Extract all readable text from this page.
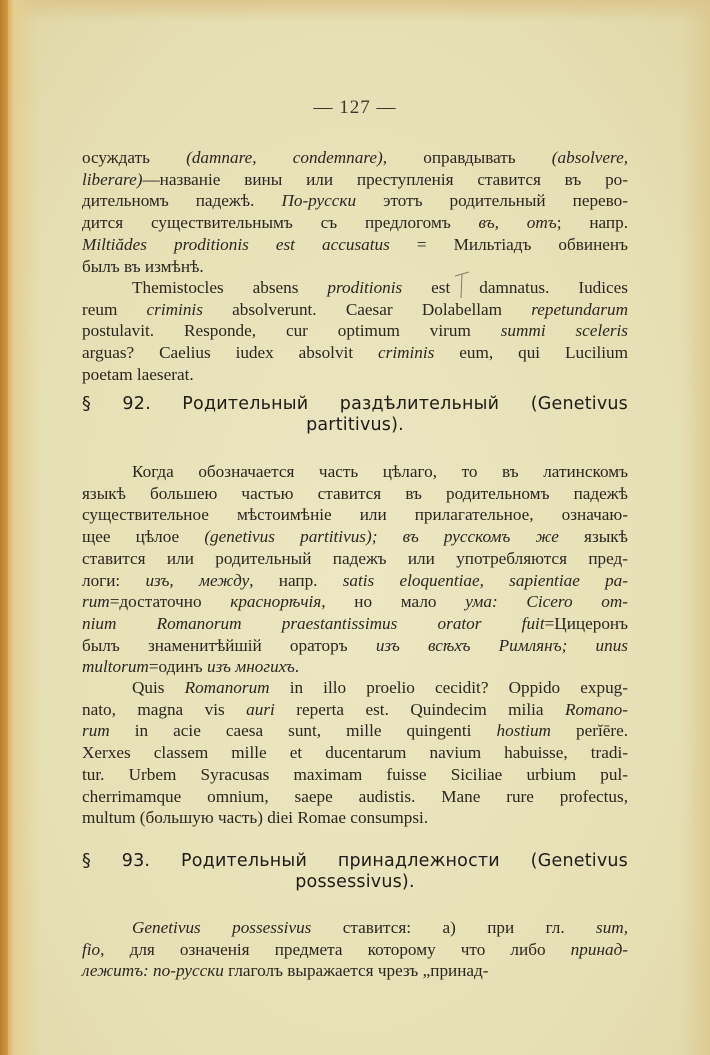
— 127 —
осуждать (damnare, condemnare), оправдывать (absolvere,
liberare)—названіе вины или преступленія ставится въ ро-
дительномъ падежѣ. По-русски этотъ родительный перево-
дится существительнымъ съ предлогомъ въ, отъ; напр.
Miltiădes proditionis est accusatus = Мильтіадъ обвиненъ
былъ въ измѣнѣ.
Themistocles absens proditionis est damnatus. Iudices
reum criminis absolverunt. Caesar Dolabellam repetundarum
postulavit. Responde, cur optimum virum summi sceleris
arguas? Caelius iudex absolvit criminis eum, qui Lucilium
poetam laeserat.
§ 92. Родительный раздѣлительный (Genetivus
partitivus).
Когда обозначается часть цѣлаго, то въ латинскомъ
языкѣ большею частью ставится въ родительномъ падежѣ
существительное мѣстоимѣніе или прилагательное, означаю-
щее цѣлое (genetivus partitivus); въ русскомъ же языкѣ
ставится или родительный падежъ или употребляются пред-
логи: изъ, между, напр. satis eloquentiae, sapientiae pa-
rum=достаточно краснорѣчія, но мало ума: Cicero om-
nium Romanorum praestantissimus orator fuit=Цицеронъ
былъ знаменитѣйшій ораторъ изъ всѣхъ Римлянъ; unus
multorum=одинъ изъ многихъ.
Quis Romanorum in illo proelio cecidit? Oppido expug-
nato, magna vis auri reperta est. Quindecim milia Romano-
rum in acie caesa sunt, mille quingenti hostium perĭēre.
Xerxes classem mille et ducentarum navium habuisse, tradi-
tur. Urbem Syracusas maximam fuisse Siciliae urbium pul-
cherrimamque omnium, saepe audistis. Mane rure profectus,
multum (большую часть) diei Romae consumpsi.
§ 93. Родительный принадлежности (Genetivus
possessivus).
Genetivus possessivus ставится: а) при гл. sum,
fio, для означенія предмета которому что либо принад-
лежитъ: по-русски глаголъ выражается чрезъ „принад-
